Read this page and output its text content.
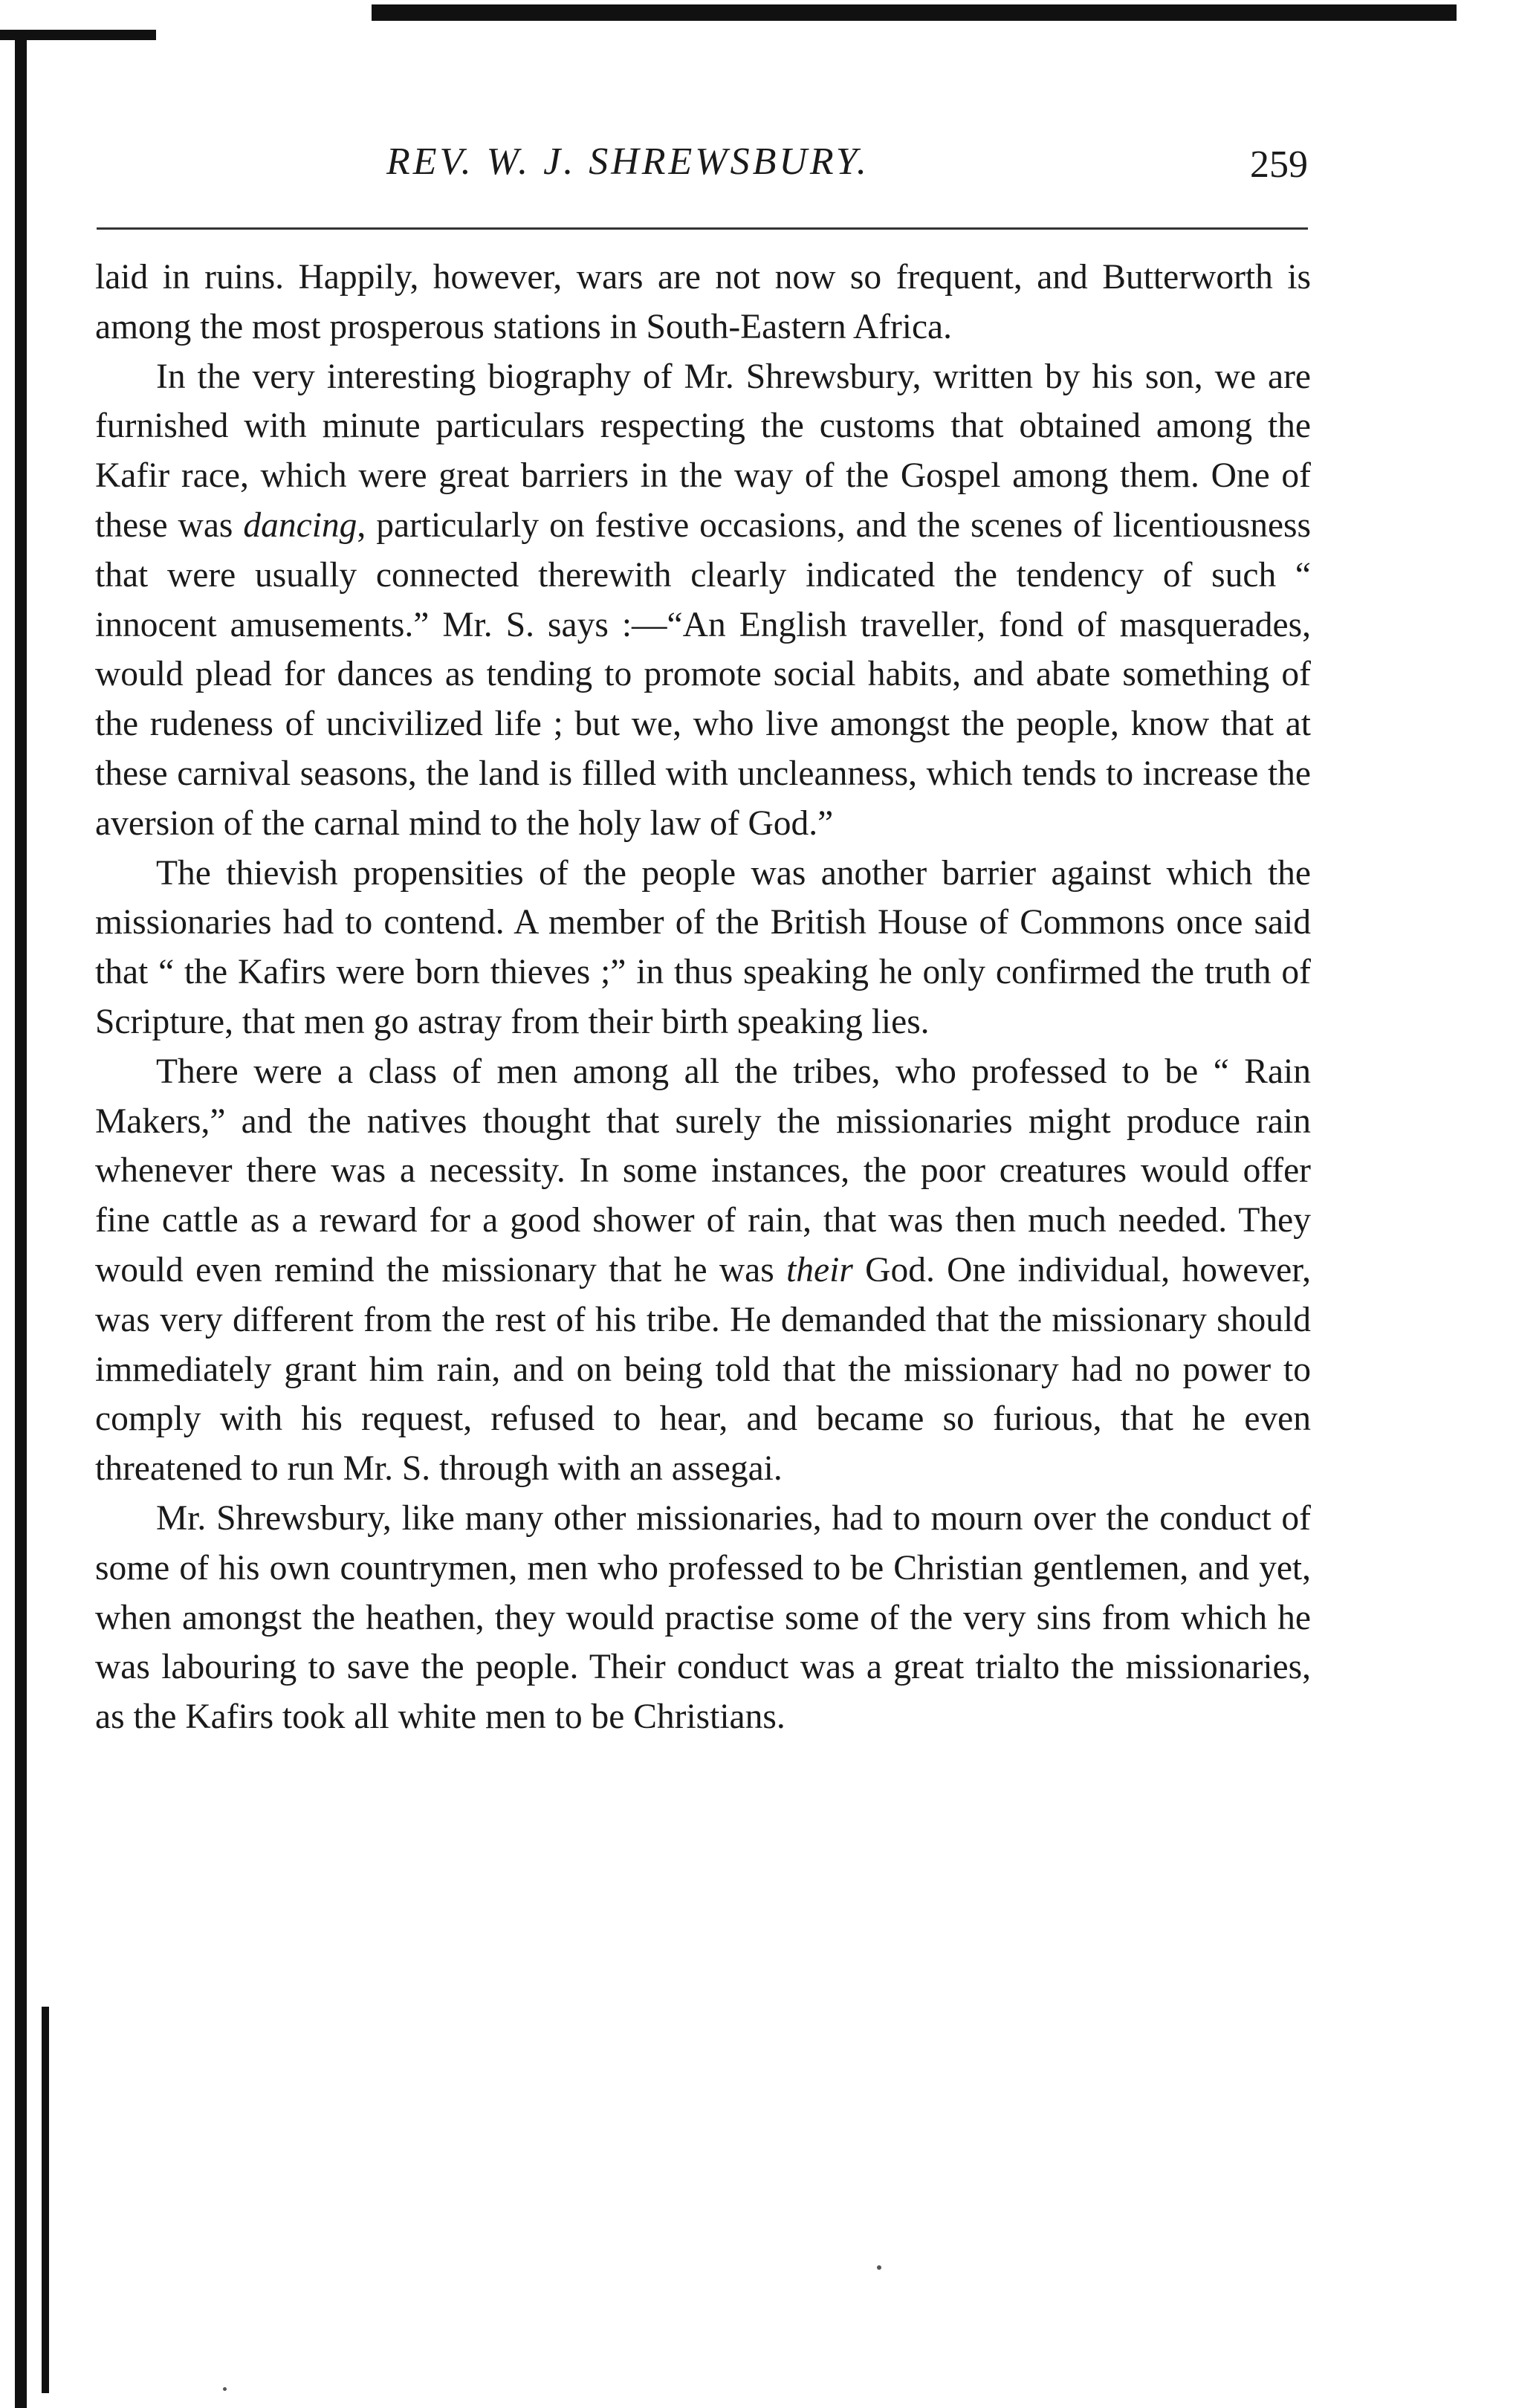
REV. W. J. SHREWSBURY.	259

laid in ruins. Happily, however, wars are not now so frequent, and Butterworth is among the most prosperous stations in South-Eastern Africa.

In the very interesting biography of Mr. Shrewsbury, written by his son, we are furnished with minute particulars respecting the customs that obtained among the Kafir race, which were great barriers in the way of the Gospel among them. One of these was dancing, particularly on festive occasions, and the scenes of licentiousness that were usually connected therewith clearly indicated the tendency of such “ innocent amusements.” Mr. S. says :—“An English traveller, fond of masquerades, would plead for dances as tending to promote social habits, and abate something of the rudeness of uncivilized life ; but we, who live amongst the people, know that at these carnival seasons, the land is filled with uncleanness, which tends to increase the aversion of the carnal mind to the holy law of God.”

The thievish propensities of the people was another barrier against which the missionaries had to contend. A member of the British House of Commons once said that “ the Kafirs were born thieves ;” in thus speaking he only confirmed the truth of Scripture, that men go astray from their birth speaking lies.

There were a class of men among all the tribes, who professed to be “ Rain Makers,” and the natives thought that surely the missionaries might produce rain whenever there was a necessity. In some instances, the poor creatures would offer fine cattle as a reward for a good shower of rain, that was then much needed. They would even remind the missionary that he was their God. One individual, however, was very different from the rest of his tribe. He demanded that the missionary should immediately grant him rain, and on being told that the missionary had no power to comply with his request, refused to hear, and became so furious, that he even threatened to run Mr. S. through with an assegai.

Mr. Shrewsbury, like many other missionaries, had to mourn over the conduct of some of his own countrymen, men who professed to be Christian gentlemen, and yet, when amongst the heathen, they would practise some of the very sins from which he was labouring to save the people. Their conduct was a great trialto the missionaries, as the Kafirs took all white men to be Christians.
